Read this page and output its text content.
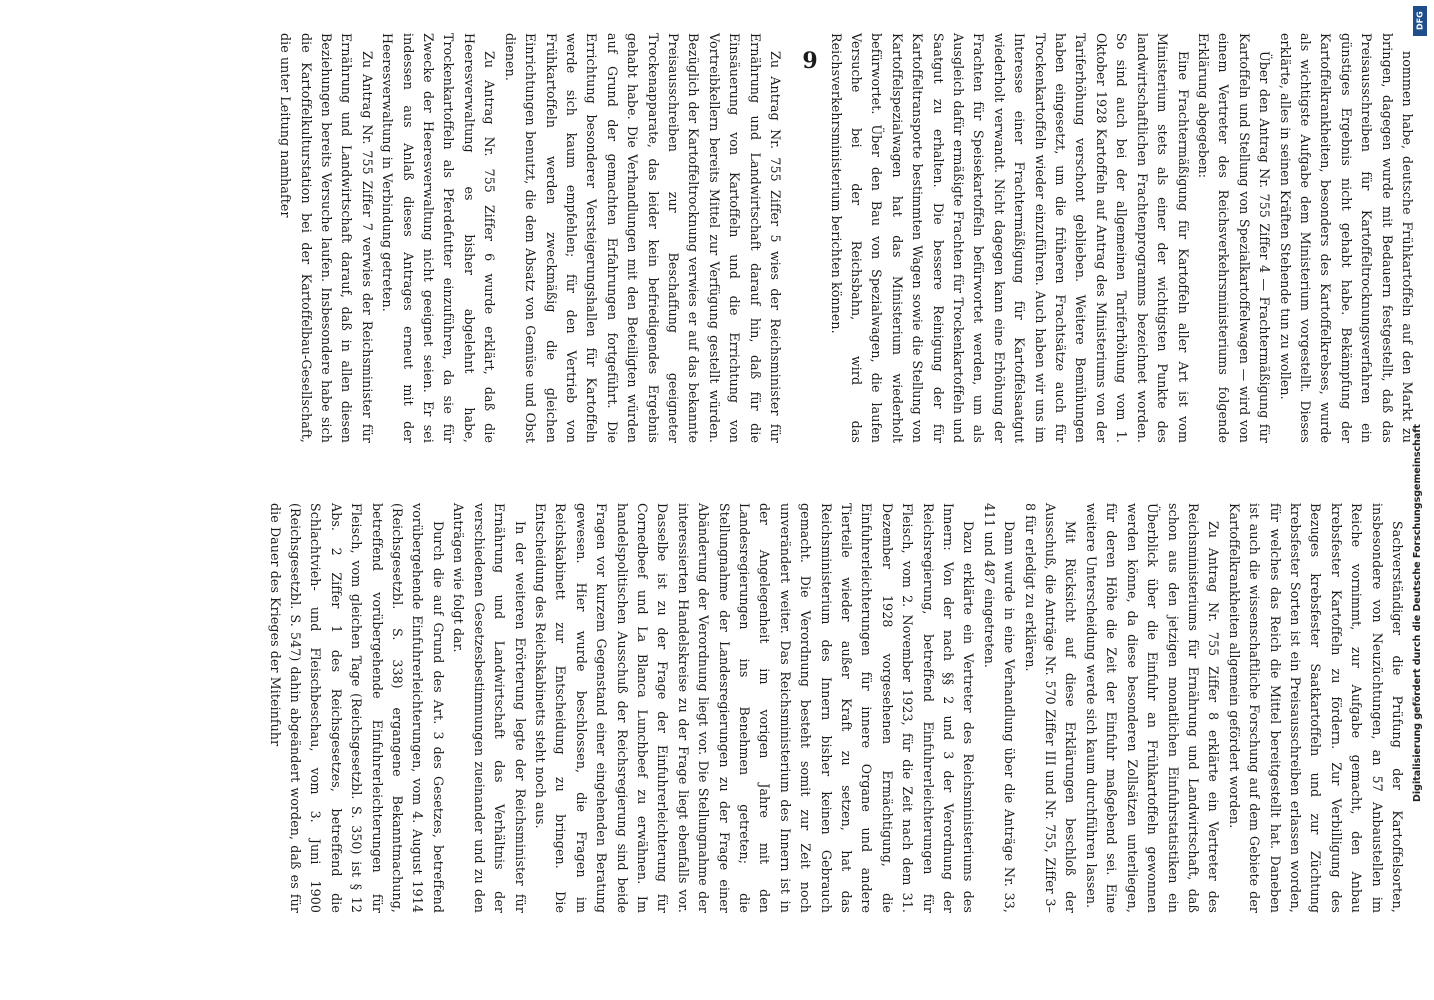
nommen habe, deutsche Frühkartoffeln auf den Markt zu bringen, dagegen wurde mit Bedauern festgestellt, daß das Preisausschreiben für Kartoffeltrocknungsverfahren ein günstiges Ergebnis nicht gehabt habe. Bekämpfung der Kartoffelkrankheiten, besonders des Kartoffelkrebses, wurde als wichtigste Aufgabe dem Ministerium vorgestellt. Dieses erklärte, alles in seinen Kräften Stehende tun zu wollen.

Über den Antrag Nr. 755 Ziffer 4 — Frachtermäßigung für Kartoffeln und Stellung von Spezialkartoffelwagen — wird von einem Vertreter des Reichsverkehrsministeriums folgende Erklärung abgegeben:

Eine Frachtermäßigung für Kartoffeln aller Art ist vom Ministerium stets als einer der wichtigsten Punkte des landwirtschaftlichen Frachtenprogramms bezeichnet worden. So sind auch bei der allgemeinen Tariferhöhung vom 1. Oktober 1928 Kartoffeln auf Antrag des Ministeriums von der Tariferhöhung verschont geblieben. Weitere Bemühungen haben eingesetzt, um die früheren Frachtsätze auch für Trockenkartoffeln wieder einzuführen. Auch haben wir uns im Interesse einer Frachtermäßigung für Kartoffelsaatgut wiederholt verwandt. Nicht dagegen kann eine Erhöhung der Frachten für Speisekartoffeln befürwortet werden, um als Ausgleich dafür ermäßigte Frachten für Trockenkartoffeln und Saatgut zu erhalten. Die bessere Reinigung der für Kartoffeltransporte bestimmten Wagen sowie die Stellung von Kartoffelspezialwagen hat das Ministerium wiederholt befürwortet. Über den Bau von Spezialwagen, die laufen Versuche bei der Reichsbahn, wird das Reichsverkehrsministerium berichten können.

9

Zu Antrag Nr. 755 Ziffer 5 wies der Reichsminister für Ernährung und Landwirtschaft darauf hin, daß für die Einsäuerung von Kartoffeln und die Errichtung von Vortreibkellern bereits Mittel zur Verfügung gestellt würden. Bezüglich der Kartoffeltrocknung verwies er auf das bekannte Preisausschreiben zur Beschaffung geeigneter Trockenapparate, das leider kein befriedigendes Ergebnis gehabt habe. Die Verhandlungen mit den Beteiligten würden auf Grund der gemachten Erfahrungen fortgeführt. Die Errichtung besonderer Versteigerungshallen für Kartoffeln werde sich kaum empfehlen; für den Vertrieb von Frühkartoffeln werden zweckmäßig die gleichen Einrichtungen benutzt, die dem Absatz von Gemüse und Obst dienen.

Zu Antrag Nr. 755 Ziffer 6 wurde erklärt, daß die Heeresverwaltung es bisher abgelehnt habe, Trockenkartoffeln als Pferdefutter einzuführen, da sie für Zwecke der Heeresverwaltung nicht geeignet seien. Er sei indessen aus Anlaß dieses Antrages erneut mit der Heeresverwaltung in Verbindung getreten.

Zu Antrag Nr. 755 Ziffer 7 verwies der Reichsminister für Ernährung und Landwirtschaft darauf, daß in allen diesen Beziehungen bereits Versuche laufen. Insbesondere habe sich die Kartoffelkulturstation bei der Kartoffelbau-Gesellschaft, die unter Leitung namhafter

Sachverständiger die Prüfung der Kartoffelsorten, insbesondere von Neuzüchtungen, an 57 Anbaustellen im Reiche vornimmt, zur Aufgabe gemacht, den Anbau krebsfester Kartoffeln zu fördern. Zur Verbilligung des Bezuges krebsfester Saatkartoffeln und zur Züchtung krebsfester Sorten ist ein Preisausschreiben erlassen worden, für welches das Reich die Mittel bereitgestellt hat. Daneben ist auch die wissenschaftliche Forschung auf dem Gebiete der Kartoffelkrankheiten allgemein gefördert worden.

Zu Antrag Nr. 755 Ziffer 8 erklärte ein Vertreter des Reichsministeriums für Ernährung und Landwirtschaft, daß schon aus den jetzigen monatlichen Einfuhrstatistiken ein Überblick über die Einfuhr an Frühkartoffeln gewonnen werden könne, da diese besonderen Zollsätzen unterliegen, für deren Höhe die Zeit der Einfuhr maßgebend sei. Eine weitere Unterscheidung werde sich kaum durchführen lassen.

Mit Rücksicht auf diese Erklärungen beschloß der Ausschuß, die Anträge Nr. 570 Ziffer III und Nr. 755, Ziffer 3–8 für erledigt zu erklären.

Dann wurde in eine Verhandlung über die Anträge Nr. 33, 411 und 487 eingetreten.

Dazu erklärte ein Vertreter des Reichsministeriums des Innern: Von der nach §§ 2 und 3 der Verordnung der Reichsregierung, betreffend Einfuhrerleichterungen für Fleisch, vom 2. November 1923, für die Zeit nach dem 31. Dezember 1928 vorgesehenen Ermächtigung, die Einfuhrerleichterungen für innere Organe und andere Tierteile wieder außer Kraft zu setzen, hat das Reichsministerium des Innern bisher keinen Gebrauch gemacht. Die Verordnung besteht somit zur Zeit noch unverändert weiter. Das Reichsministerium des Innern ist in der Angelegenheit im vorigen Jahre mit den Landesregierungen ins Benehmen getreten; die Stellungnahme der Landesregierungen zu der Frage einer Abänderung der Verordnung liegt vor. Die Stellungnahme der interessierten Handelskreise zu der Frage liegt ebenfalls vor. Dasselbe ist zu der Frage der Einfuhrerleichterung für Cornedbeef und La Blanca Lunchbeef zu erwähnen. Im handelspolitischen Ausschuß der Reichsregierung sind beide Fragen vor kurzem Gegenstand einer eingehenden Beratung gewesen. Hier wurde beschlossen, die Fragen im Reichskabinett zur Entscheidung zu bringen. Die Entscheidung des Reichskabinetts steht noch aus.

In der weiteren Erörterung legte der Reichsminister für Ernährung und Landwirtschaft das Verhältnis der verschiedenen Gesetzesbestimmungen zueinander und zu den Anträgen wie folgt dar.

Durch die auf Grund des Art. 3 des Gesetzes, betreffend vorübergehende Einfuhrerleichterungen, vom 4. August 1914 (Reichsgesetzbl. S. 338) ergangene Bekanntmachung, betreffend vorübergehende Einfuhrerleichterungen für Fleisch, vom gleichen Tage (Reichsgesetzbl. S. 350) ist § 12 Abs. 2 Ziffer 1 des Reichsgesetzes, betreffend die Schlachtvieh- und Fleischbeschau, vom 3. Juni 1900 (Reichsgesetzbl. S. 547) dahin abgeändert worden, daß es für die Dauer des Krieges der Miteinfuhr

DFG
Digitalisierung gefördert durch die Deutsche Forschungsgemeinschaft
